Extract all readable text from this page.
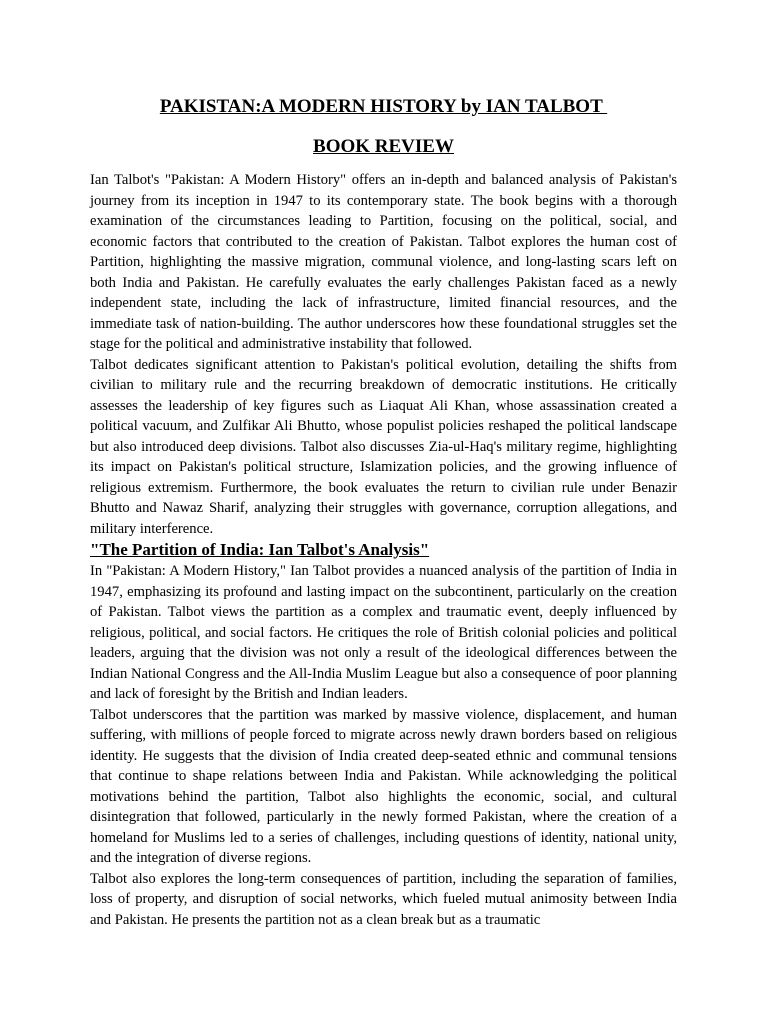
PAKISTAN:A MODERN HISTORY by IAN TALBOT
BOOK REVIEW

Ian Talbot's "Pakistan: A Modern History" offers an in-depth and balanced analysis of Pakistan's journey from its inception in 1947 to its contemporary state. The book begins with a thorough examination of the circumstances leading to Partition, focusing on the political, social, and economic factors that contributed to the creation of Pakistan. Talbot explores the human cost of Partition, highlighting the massive migration, communal violence, and long-lasting scars left on both India and Pakistan. He carefully evaluates the early challenges Pakistan faced as a newly independent state, including the lack of infrastructure, limited financial resources, and the immediate task of nation-building. The author underscores how these foundational struggles set the stage for the political and administrative instability that followed.

Talbot dedicates significant attention to Pakistan's political evolution, detailing the shifts from civilian to military rule and the recurring breakdown of democratic institutions. He critically assesses the leadership of key figures such as Liaquat Ali Khan, whose assassination created a political vacuum, and Zulfikar Ali Bhutto, whose populist policies reshaped the political landscape but also introduced deep divisions. Talbot also discusses Zia-ul-Haq's military regime, highlighting its impact on Pakistan's political structure, Islamization policies, and the growing influence of religious extremism. Furthermore, the book evaluates the return to civilian rule under Benazir Bhutto and Nawaz Sharif, analyzing their struggles with governance, corruption allegations, and military interference.

"The Partition of India: Ian Talbot's Analysis"

In "Pakistan: A Modern History," Ian Talbot provides a nuanced analysis of the partition of India in 1947, emphasizing its profound and lasting impact on the subcontinent, particularly on the creation of Pakistan. Talbot views the partition as a complex and traumatic event, deeply influenced by religious, political, and social factors. He critiques the role of British colonial policies and political leaders, arguing that the division was not only a result of the ideological differences between the Indian National Congress and the All-India Muslim League but also a consequence of poor planning and lack of foresight by the British and Indian leaders.

Talbot underscores that the partition was marked by massive violence, displacement, and human suffering, with millions of people forced to migrate across newly drawn borders based on religious identity. He suggests that the division of India created deep-seated ethnic and communal tensions that continue to shape relations between India and Pakistan. While acknowledging the political motivations behind the partition, Talbot also highlights the economic, social, and cultural disintegration that followed, particularly in the newly formed Pakistan, where the creation of a homeland for Muslims led to a series of challenges, including questions of identity, national unity, and the integration of diverse regions.

Talbot also explores the long-term consequences of partition, including the separation of families, loss of property, and disruption of social networks, which fueled mutual animosity between India and Pakistan. He presents the partition not as a clean break but as a traumatic
